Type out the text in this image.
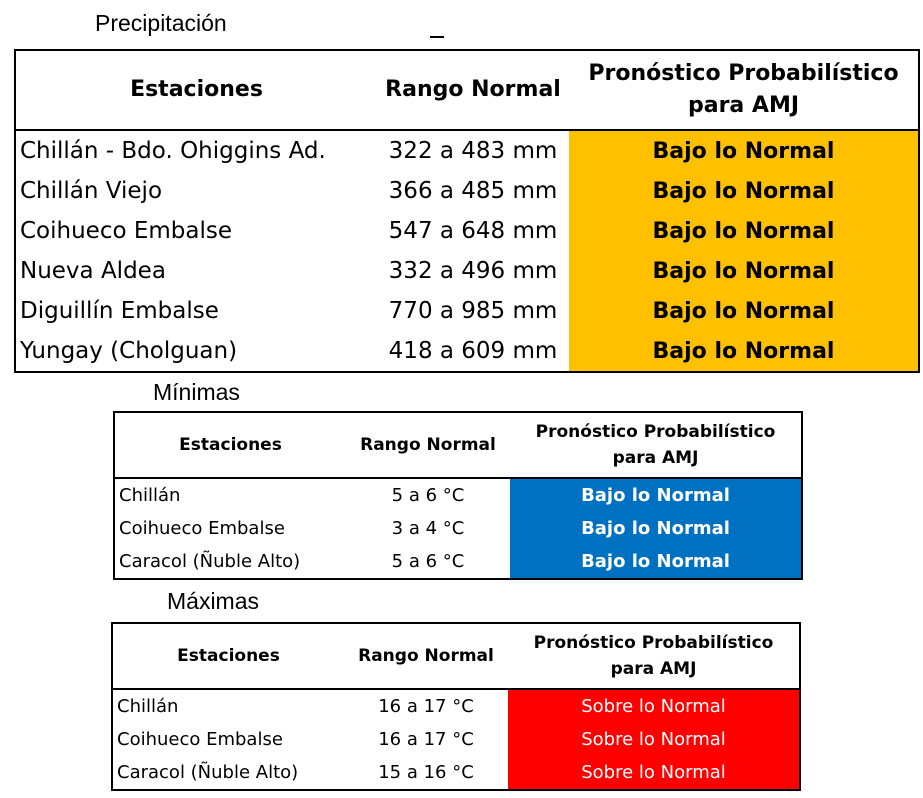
Precipitación
Estaciones	Rango Normal	Pronóstico Probabilístico
para AMJ
Chillán - Bdo. Ohiggins Ad.	322 a 483 mm	Bajo lo Normal
Chillán Viejo	366 a 485 mm	Bajo lo Normal
Coihueco Embalse	547 a 648 mm	Bajo lo Normal
Nueva Aldea	332 a 496 mm	Bajo lo Normal
Diguillín Embalse	770 a 985 mm	Bajo lo Normal
Yungay (Cholguan)	418 a 609 mm	Bajo lo Normal
Mínimas
Estaciones	Rango Normal	Pronóstico Probabilístico
para AMJ
Chillán	5 a 6 °C	Bajo lo Normal
Coihueco Embalse	3 a 4 °C	Bajo lo Normal
Caracol (Ñuble Alto)	5 a 6 °C	Bajo lo Normal
Máximas
Estaciones	Rango Normal	Pronóstico Probabilístico
para AMJ
Chillán	16 a 17 °C	Sobre lo Normal
Coihueco Embalse	16 a 17 °C	Sobre lo Normal
Caracol (Ñuble Alto)	15 a 16 °C	Sobre lo Normal
